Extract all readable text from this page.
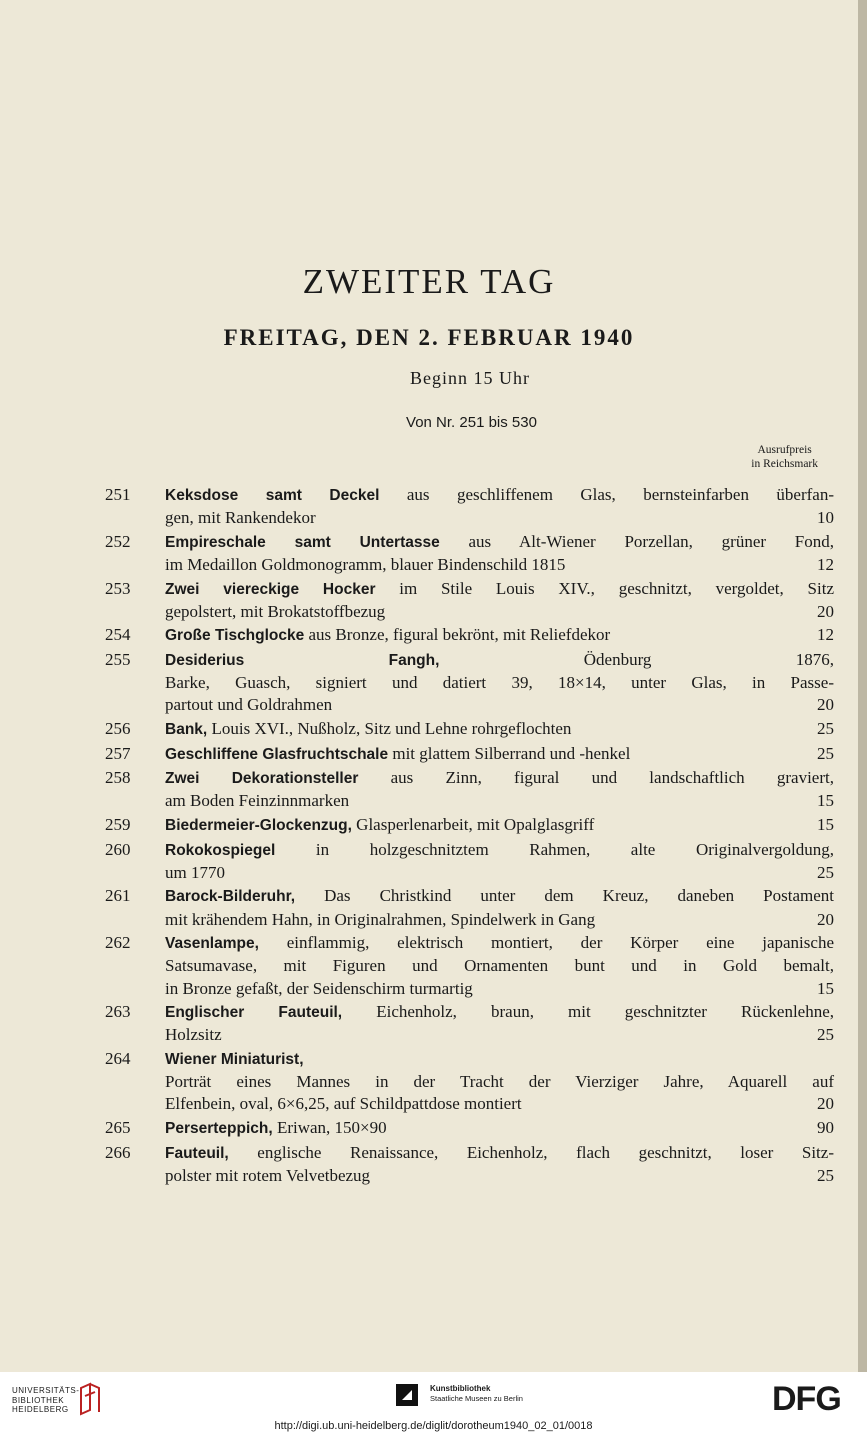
ZWEITER TAG
FREITAG, DEN 2. FEBRUAR 1940
Beginn 15 Uhr
Von Nr. 251 bis 530
Ausrufpreis
in Reichsmark
251	Keksdose samt Deckel aus geschliffenem Glas, bernsteinfarben überfan-
gen, mit Rankendekor	10
252	Empireschale samt Untertasse aus Alt-Wiener Porzellan, grüner Fond,
im Medaillon Goldmonogramm, blauer Bindenschild 1815	12
253	Zwei viereckige Hocker im Stile Louis XIV., geschnitzt, vergoldet, Sitz
gepolstert, mit Brokatstoffbezug	20
254	Große Tischglocke aus Bronze, figural bekrönt, mit Reliefdekor	12
255	Desiderius Fangh, Ödenburg 1876,
Barke, Guasch, signiert und datiert 39, 18×14, unter Glas, in Passe-
partout und Goldrahmen	20
256	Bank, Louis XVI., Nußholz, Sitz und Lehne rohrgeflochten	25
257	Geschliffene Glasfruchtschale mit glattem Silberrand und -henkel	25
258	Zwei Dekorationsteller aus Zinn, figural und landschaftlich graviert,
am Boden Feinzinnmarken	15
259	Biedermeier-Glockenzug, Glasperlenarbeit, mit Opalglasgriff	15
260	Rokokospiegel in holzgeschnitztem Rahmen, alte Originalvergoldung,
um 1770	25
261	Barock-Bilderuhr, Das Christkind unter dem Kreuz, daneben Postament
mit krähendem Hahn, in Originalrahmen, Spindelwerk in Gang	20
262	Vasenlampe, einflammig, elektrisch montiert, der Körper eine japanische
Satsumavase, mit Figuren und Ornamenten bunt und in Gold bemalt,
in Bronze gefaßt, der Seidenschirm turmartig	15
263	Englischer Fauteuil, Eichenholz, braun, mit geschnitzter Rückenlehne,
Holzsitz	25
264	Wiener Miniaturist,
Porträt eines Mannes in der Tracht der Vierziger Jahre, Aquarell auf
Elfenbein, oval, 6×6,25, auf Schildpattdose montiert	20
265	Perserteppich, Eriwan, 150×90	90
266	Fauteuil, englische Renaissance, Eichenholz, flach geschnitzt, loser Sitz-
polster mit rotem Velvetbezug	25
UNIVERSITÄTS-
BIBLIOTHEK
HEIDELBERG
Kunstbibliothek
Staatliche Museen zu Berlin	DFG
http://digi.ub.uni-heidelberg.de/diglit/dorotheum1940_02_01/0018
